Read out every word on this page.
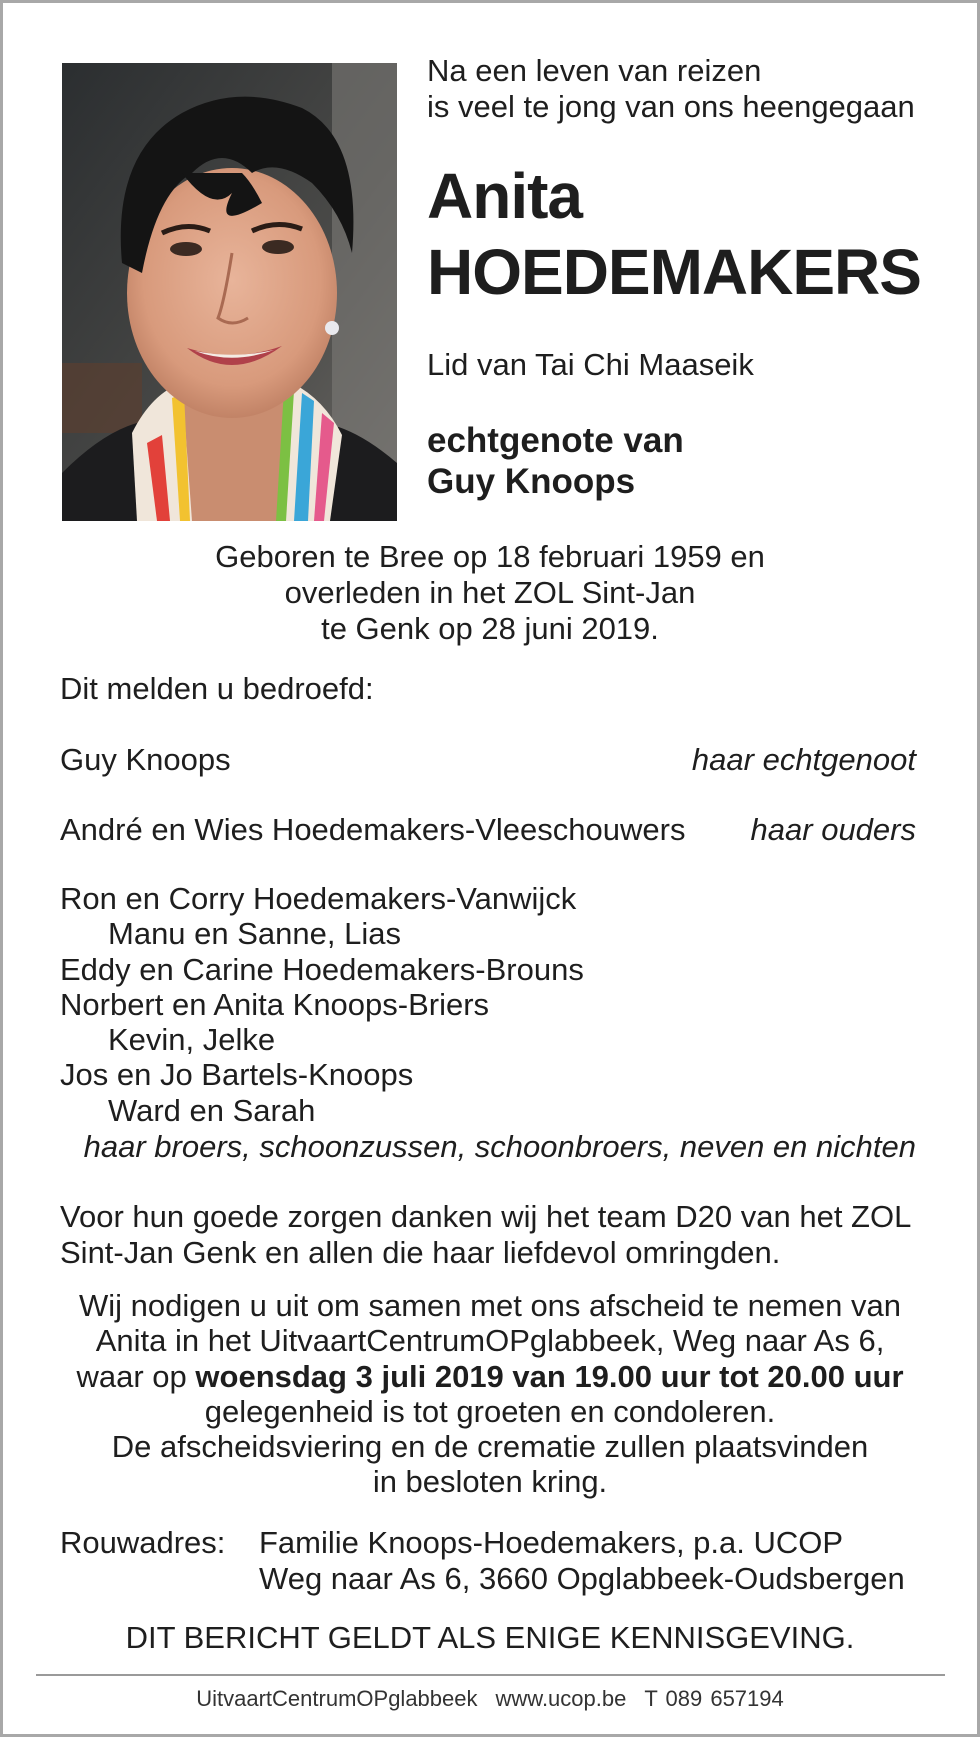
Na een leven van reizen
is veel te jong van ons heengegaan
Anita
HOEDEMAKERS
Lid van Tai Chi Maaseik
echtgenote van
Guy Knoops
Geboren te Bree op 18 februari 1959 en
overleden in het ZOL Sint-Jan
te Genk op 28 juni 2019.
Dit melden u bedroefd:
Guy Knoops	haar echtgenoot
André en Wies Hoedemakers-Vleeschouwers haar ouders
Ron en Corry Hoedemakers-Vanwijck
Manu en Sanne, Lias
Eddy en Carine Hoedemakers-Brouns
Norbert en Anita Knoops-Briers
Kevin, Jelke
Jos en Jo Bartels-Knoops
Ward en Sarah
haar broers, schoonzussen, schoonbroers, neven en nichten
Voor hun goede zorgen danken wij het team D20 van het ZOL Sint-Jan Genk en allen die haar liefdevol omringden.
Wij nodigen u uit om samen met ons afscheid te nemen van
Anita in het UitvaartCentrumOPglabbeek, Weg naar As 6,
waar op woensdag 3 juli 2019 van 19.00 uur tot 20.00 uur
gelegenheid is tot groeten en condoleren.
De afscheidsviering en de crematie zullen plaatsvinden
in besloten kring.
Rouwadres: Familie Knoops-Hoedemakers, p.a. UCOP
Weg naar As 6, 3660 Opglabbeek-Oudsbergen
DIT BERICHT GELDT ALS ENIGE KENNISGEVING.
UitvaartCentrumOPglabbeek www.ucop.be T 089 657194
